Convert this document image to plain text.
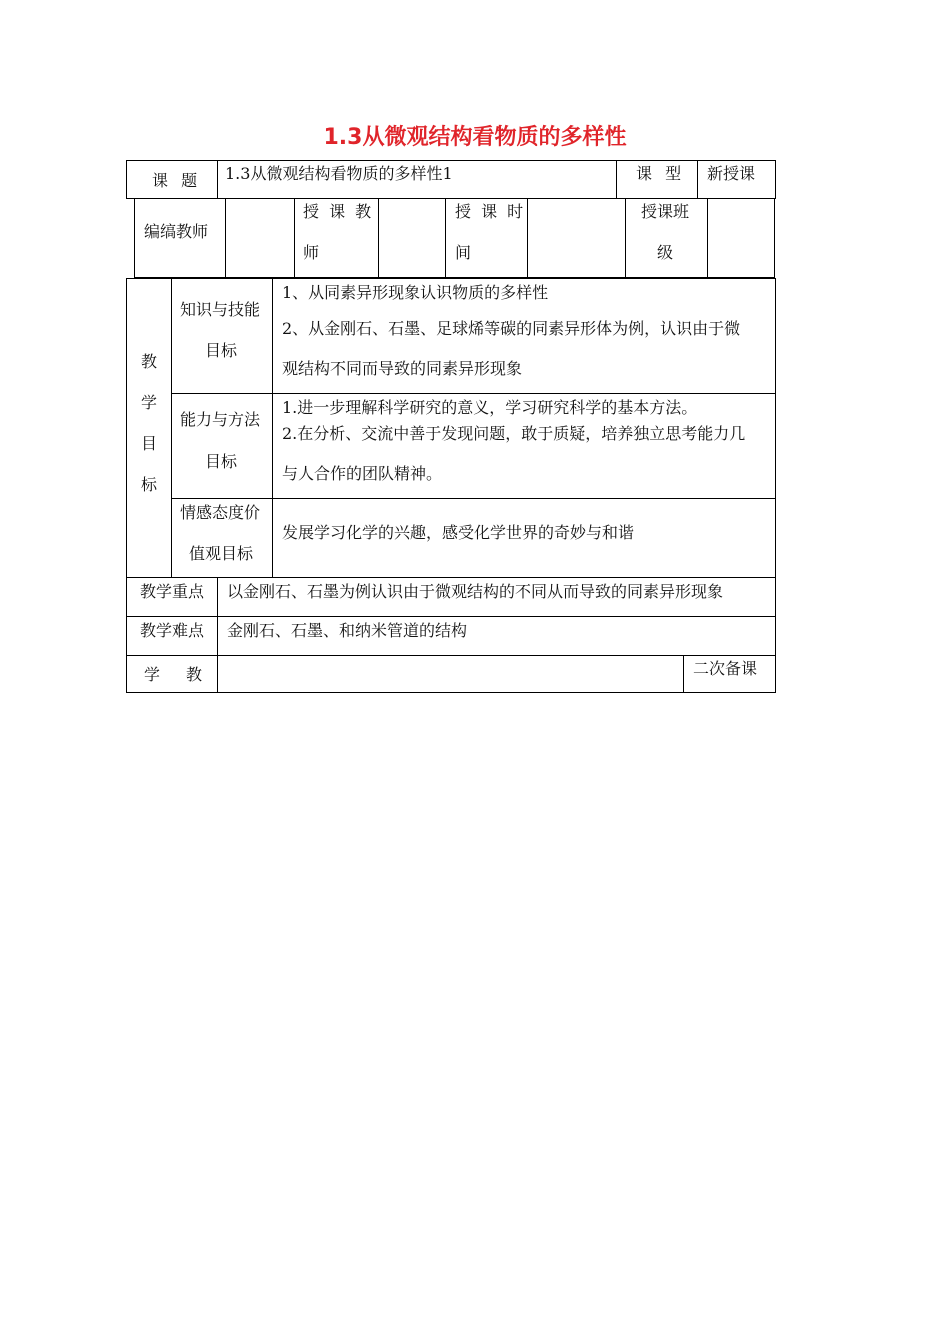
1.3从微观结构看物质的多样性
课 题 1.3从微观结构看物质的多样性1	课 型 新授课
编缟教师
授 课 教
师
授 课 时
间
授课班
级
教
学
目
标
知识与技能
目标
1、从同素异形现象认识物质的多样性
2、从金刚石、石墨、足球烯等碳的同素异形体为例，认识由于微
观结构不同而导致的同素异形现象
能力与方法
目标
1.进一步理解科学研究的意义，学习研究科学的基本方法。
2.在分析、交流中善于发现问题，敢于质疑，培养独立思考能力几
与人合作的团队精神。
情感态度价
值观目标
发展学习化学的兴趣，感受化学世界的奇妙与和谐
教学重点 以金刚石、石墨为例认识由于微观结构的不同从而导致的同素异形现象
教学难点 金刚石、石墨、和纳米管道的结构
学 教	二次备课
